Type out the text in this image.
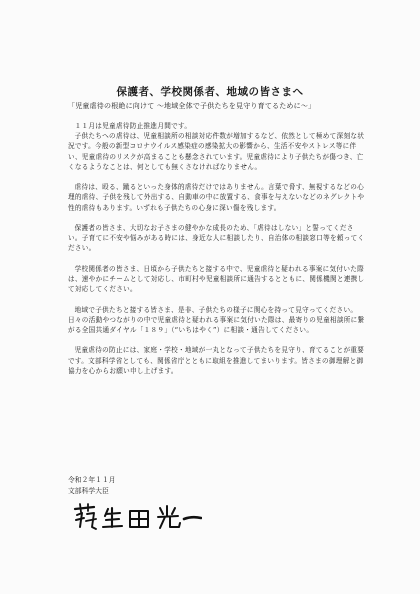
保護者、学校関係者、地域の皆さまへ
「児童虐待の根絶に向けて ～地域全体で子供たちを見守り育てるために～」

１１月は児童虐待防止推進月間です。

子供たちへの虐待は、児童相談所の相談対応件数が増加するなど、依然として極めて深刻な状況です。今般の新型コロナウイルス感染症の感染拡大の影響から、生活不安やストレス等に伴い、児童虐待のリスクが高まることも懸念されています。児童虐待により子供たちが傷つき、亡くなるようなことは、何としても無くさなければなりません。

虐待は、殴る、蹴るといった身体的虐待だけではありません。言葉で脅す、無視するなどの心理的虐待、子供を残して外出する、自動車の中に放置する、食事を与えないなどのネグレクトや性的虐待もあります。いずれも子供たちの心身に深い傷を残します。

保護者の皆さま、大切なお子さまの健やかな成長のため、「虐待はしない」と誓ってください。子育てに不安や悩みがある時には、身近な人に相談したり、自治体の相談窓口等を頼ってください。

学校関係者の皆さま、日頃から子供たちと接する中で、児童虐待と疑われる事案に気付いた際は、速やかにチームとして対応し、市町村や児童相談所に通告するとともに、関係機関と連携して対応してください。

地域で子供たちと接する皆さま、是非、子供たちの様子に関心を持って見守ってください。日々の活動やつながりの中で児童虐待と疑われる事案に気付いた際は、最寄りの児童相談所に繋がる全国共通ダイヤル「１８９」（“いちはやく”）に相談・通告してください。

児童虐待の防止には、家庭・学校・地域が一丸となって子供たちを見守り、育てることが重要です。文部科学省としても、関係省庁とともに取組を推進してまいります。皆さまの御理解と御協力を心からお願い申し上げます。

令和２年１１月
文部科学大臣
